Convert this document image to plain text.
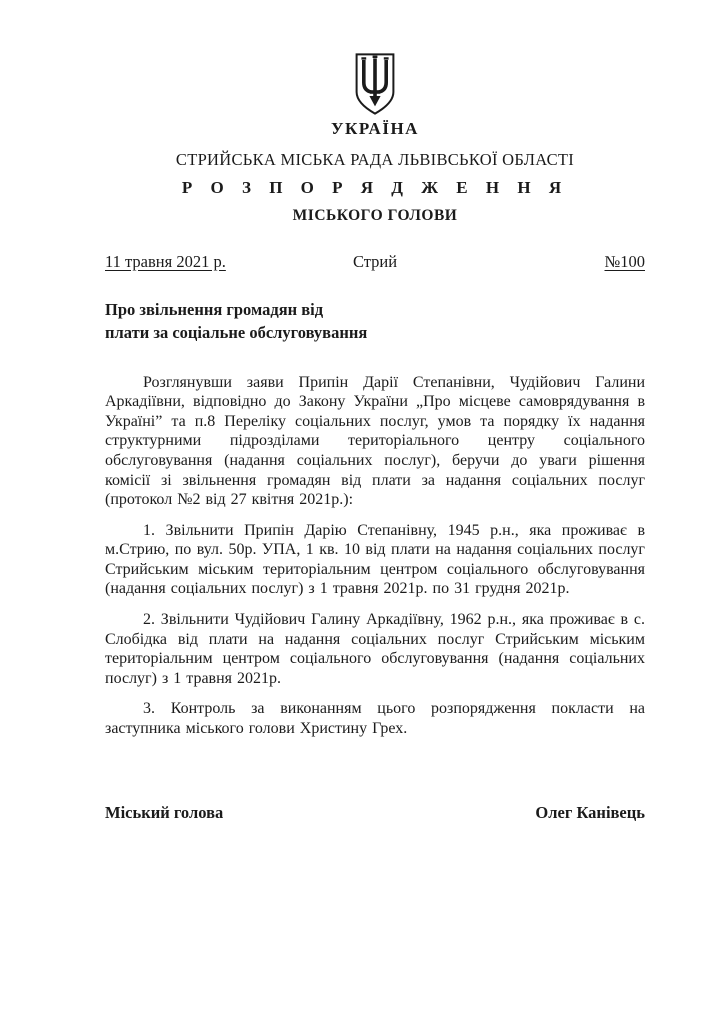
УКРАЇНА
СТРИЙСЬКА МІСЬКА РАДА ЛЬВІВСЬКОЇ ОБЛАСТІ
Р О З П О Р Я Д Ж Е Н Н Я
МІСЬКОГО ГОЛОВИ
11 травня 2021 р.	Стрий	№100
Про звільнення громадян від
плати за соціальне обслуговування

Розглянувши заяви Припін Дарії Степанівни, Чудійович Галини Аркадіївни, відповідно до Закону України „Про місцеве самоврядування в Україні” та п.8 Переліку соціальних послуг, умов та порядку їх надання структурними підрозділами територіального центру соціального обслуговування (надання соціальних послуг), беручи до уваги рішення комісії зі звільнення громадян від плати за надання соціальних послуг (протокол №2 від 27 квітня 2021р.):

1. Звільнити Припін Дарію Степанівну, 1945 р.н., яка проживає в м.Стрию, по вул. 50р. УПА, 1 кв. 10 від плати на надання соціальних послуг Стрийським міським територіальним центром соціального обслуговування (надання соціальних послуг) з 1 травня 2021р. по 31 грудня 2021р.

2. Звільнити Чудійович Галину Аркадіївну, 1962 р.н., яка проживає в с. Слобідка від плати на надання соціальних послуг Стрийським міським територіальним центром соціального обслуговування (надання соціальних послуг) з 1 травня 2021р.

3. Контроль за виконанням цього розпорядження покласти на заступника міського голови Христину Грех.

Міський голова	Олег Канівець
